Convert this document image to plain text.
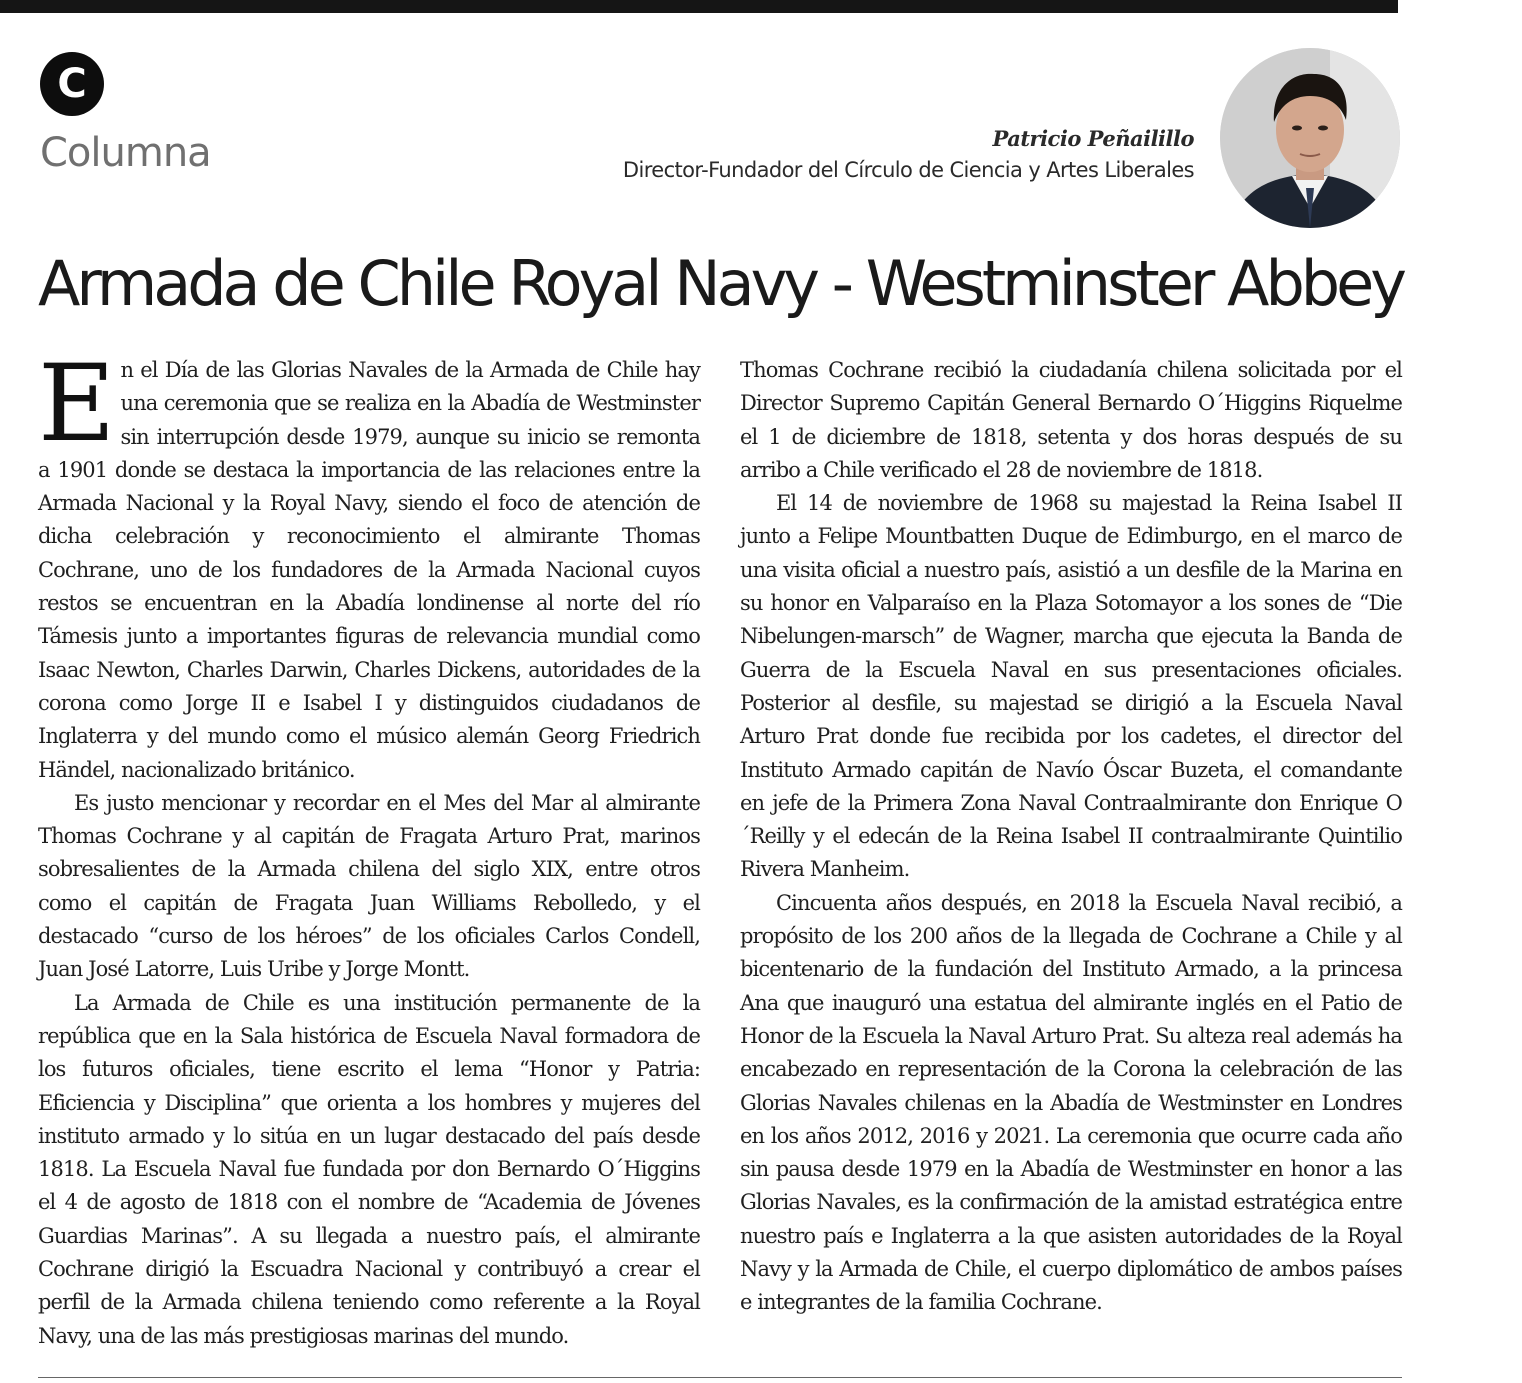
C
Columna	Patricio Peñailillo
Director-Fundador del Círculo de Ciencia y Artes Liberales
Armada de Chile Royal Navy - Westminster Abbey

En el Día de las Glorias Navales de la Armada de Chile hay una ceremonia que se realiza en la Abadía de Westminster sin interrupción desde 1979, aunque su inicio se remonta a 1901 donde se destaca la importancia de las relaciones entre la Armada Nacional y la Royal Navy, siendo el foco de atención de dicha celebración y reconocimiento el almirante Thomas Cochrane, uno de los fundadores de la Armada Nacional cuyos restos se encuentran en la Abadía londinense al norte del río Támesis junto a importantes figuras de relevancia mundial como Isaac Newton, Charles Darwin, Charles Dickens, autoridades de la corona como Jorge II e Isabel I y distinguidos ciudadanos de Inglaterra y del mundo como el músico alemán Georg Friedrich Händel, nacionalizado británico.

Es justo mencionar y recordar en el Mes del Mar al almirante Thomas Cochrane y al capitán de Fragata Arturo Prat, marinos sobresalientes de la Armada chilena del siglo XIX, entre otros como el capitán de Fragata Juan Williams Rebolledo, y el destacado “curso de los héroes” de los oficiales Carlos Condell, Juan José Latorre, Luis Uribe y Jorge Montt.

La Armada de Chile es una institución permanente de la república que en la Sala histórica de Escuela Naval formadora de los futuros oficiales, tiene escrito el lema “Honor y Patria: Eficiencia y Disciplina” que orienta a los hombres y mujeres del instituto armado y lo sitúa en un lugar destacado del país desde 1818. La Escuela Naval fue fundada por don Bernardo O´Higgins el 4 de agosto de 1818 con el nombre de “Academia de Jóvenes Guardias Marinas”. A su llegada a nuestro país, el almirante Cochrane dirigió la Escuadra Nacional y contribuyó a crear el perfil de la Armada chilena teniendo como referente a la Royal Navy, una de las más prestigiosas marinas del mundo.

Thomas Cochrane recibió la ciudadanía chilena solicitada por el Director Supremo Capitán General Bernardo O´Higgins Riquelme el 1 de diciembre de 1818, setenta y dos horas después de su arribo a Chile verificado el 28 de noviembre de 1818.

El 14 de noviembre de 1968 su majestad la Reina Isabel II junto a Felipe Mountbatten Duque de Edimburgo, en el marco de una visita oficial a nuestro país, asistió a un desfile de la Marina en su honor en Valparaíso en la Plaza Sotomayor a los sones de “Die Nibelungen-marsch” de Wagner, marcha que ejecuta la Banda de Guerra de la Escuela Naval en sus presentaciones oficiales. Posterior al desfile, su majestad se dirigió a la Escuela Naval Arturo Prat donde fue recibida por los cadetes, el director del Instituto Armado capitán de Navío Óscar Buzeta, el comandante en jefe de la Primera Zona Naval Contraalmirante don Enrique O´Reilly y el edecán de la Reina Isabel II contraalmirante Quintilio Rivera Manheim.

Cincuenta años después, en 2018 la Escuela Naval recibió, a propósito de los 200 años de la llegada de Cochrane a Chile y al bicentenario de la fundación del Instituto Armado, a la princesa Ana que inauguró una estatua del almirante inglés en el Patio de Honor de la Escuela la Naval Arturo Prat. Su alteza real además ha encabezado en representación de la Corona la celebración de las Glorias Navales chilenas en la Abadía de Westminster en Londres en los años 2012, 2016 y 2021. La ceremonia que ocurre cada año sin pausa desde 1979 en la Abadía de Westminster en honor a las Glorias Navales, es la confirmación de la amistad estratégica entre nuestro país e Inglaterra a la que asisten autoridades de la Royal Navy y la Armada de Chile, el cuerpo diplomático de ambos países e integrantes de la familia Cochrane.
